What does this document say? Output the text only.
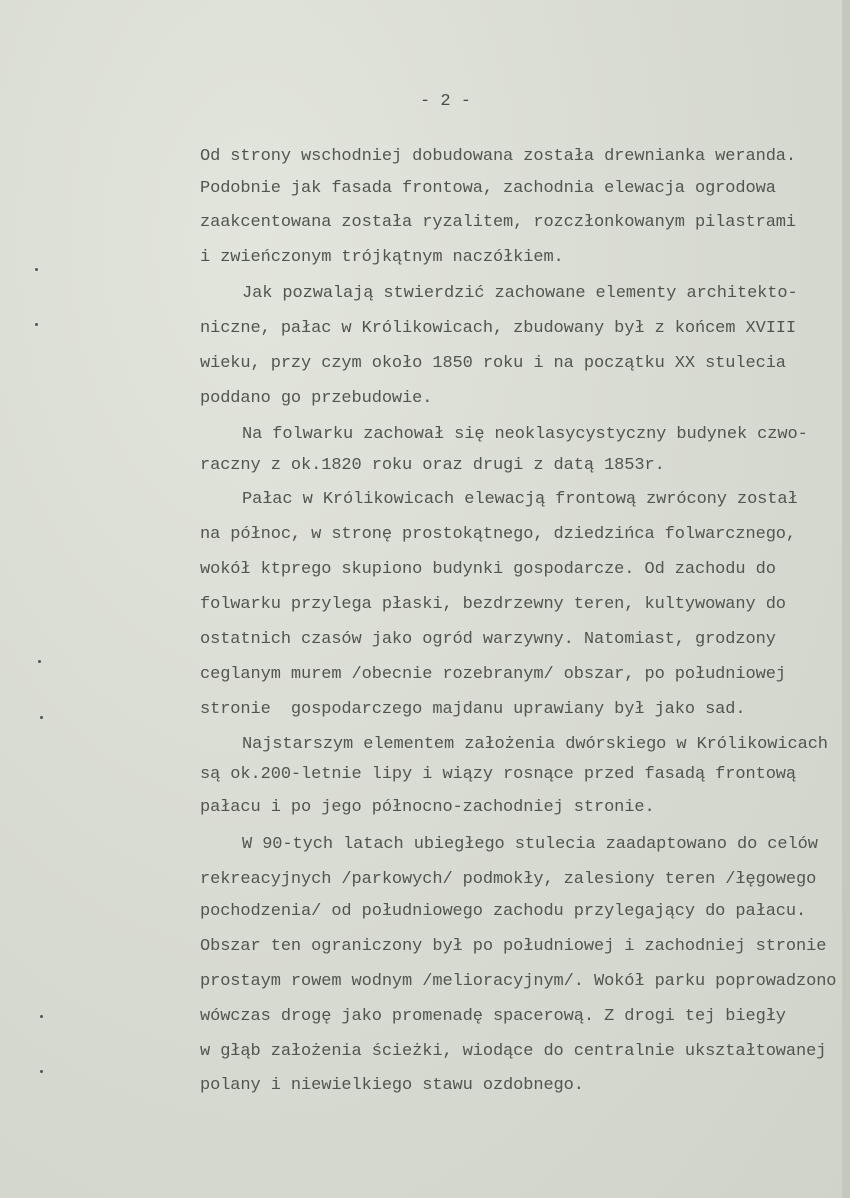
- 2 -
Od strony wschodniej dobudowana została drewnianka weranda.
Podobnie jak fasada frontowa, zachodnia elewacja ogrodowa
zaakcentowana została ryzalitem, rozczłonkowanym pilastrami
i zwieńczonym trójkątnym naczółkiem.
Jak pozwalają stwierdzić zachowane elementy architekto-
niczne, pałac w Królikowicach, zbudowany był z końcem XVIII
wieku, przy czym około 1850 roku i na początku XX stulecia
poddano go przebudowie.
Na folwarku zachował się neoklasycystyczny budynek czwo-
raczny z ok.1820 roku oraz drugi z datą 1853r.
Pałac w Królikowicach elewacją frontową zwrócony został
na północ, w stronę prostokątnego, dziedzińca folwarcznego,
wokół ktprego skupiono budynki gospodarcze. Od zachodu do
folwarku przylega płaski, bezdrzewny teren, kultywowany do
ostatnich czasów jako ogród warzywny. Natomiast, grodzony
ceglanym murem /obecnie rozebranym/ obszar, po południowej
stronie  gospodarczego majdanu uprawiany był jako sad.
Najstarszym elementem założenia dwórskiego w Królikowicach
są ok.200-letnie lipy i wiązy rosnące przed fasadą frontową
pałacu i po jego północno-zachodniej stronie.
W 90-tych latach ubiegłego stulecia zaadaptowano do celów
rekreacyjnych /parkowych/ podmokły, zalesiony teren /łęgowego
pochodzenia/ od południowego zachodu przylegający do pałacu.
Obszar ten ograniczony był po południowej i zachodniej stronie
prostaym rowem wodnym /melioracyjnym/. Wokół parku poprowadzono
wówczas drogę jako promenadę spacerową. Z drogi tej biegły
w głąb założenia ścieżki, wiodące do centralnie ukształtowanej
polany i niewielkiego stawu ozdobnego.
